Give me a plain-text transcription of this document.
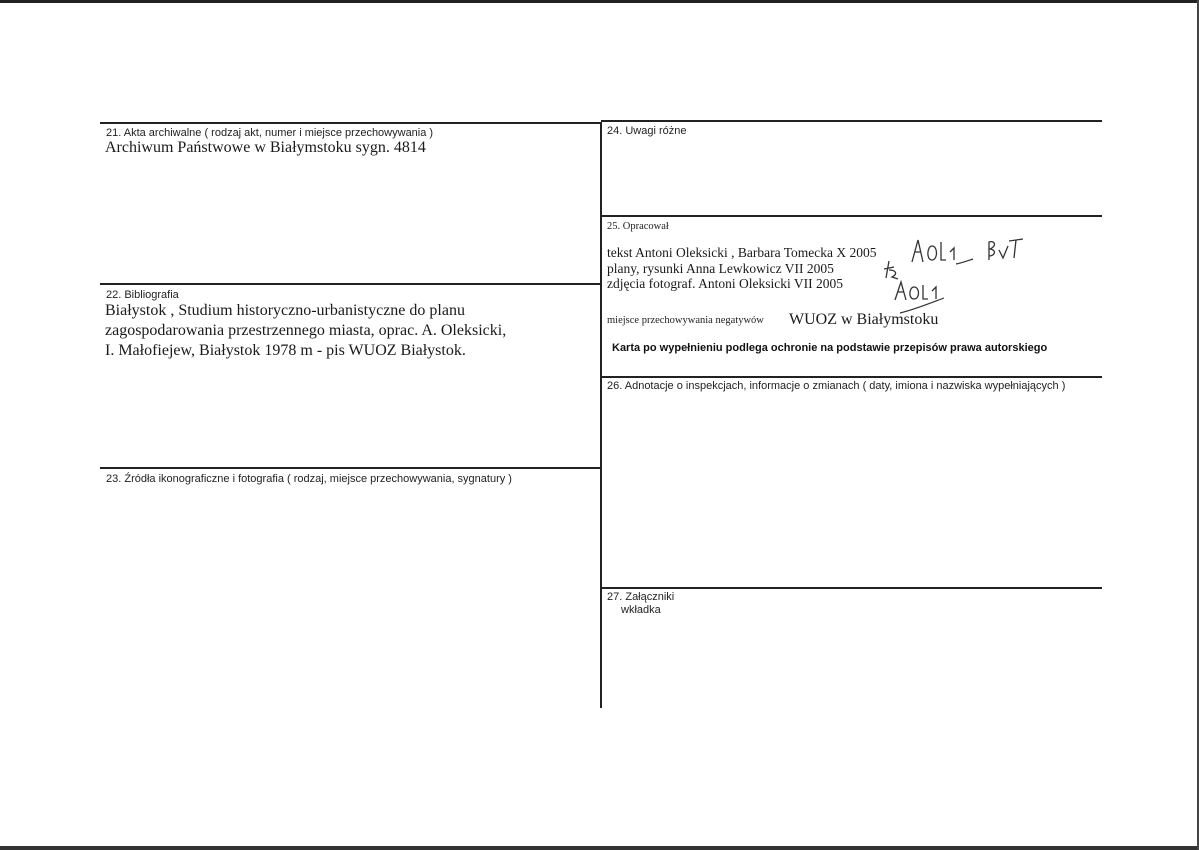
21. Akta archiwalne ( rodzaj akt, numer i miejsce przechowywania )
Archiwum Państwowe w Białymstoku sygn. 4814
22. Bibliografia
Białystok , Studium historyczno-urbanistyczne do planu
zagospodarowania przestrzennego miasta, oprac. A. Oleksicki,
I. Małofiejew, Białystok 1978 m - pis WUOZ Białystok.
23. Źródła ikonograficzne i fotografia ( rodzaj, miejsce przechowywania, sygnatury )
24. Uwagi różne
25. Opracował
tekst Antoni Oleksicki , Barbara Tomecka X 2005
plany, rysunki Anna Lewkowicz VII 2005
zdjęcia fotograf. Antoni Oleksicki VII 2005
miejsce przechowywania negatywów WUOZ w Białymstoku
Karta po wypełnieniu podlega ochronie na podstawie przepisów prawa autorskiego
26. Adnotacje o inspekcjach, informacje o zmianach ( daty, imiona i nazwiska wypełniających )
27. Załączniki
wkładka
